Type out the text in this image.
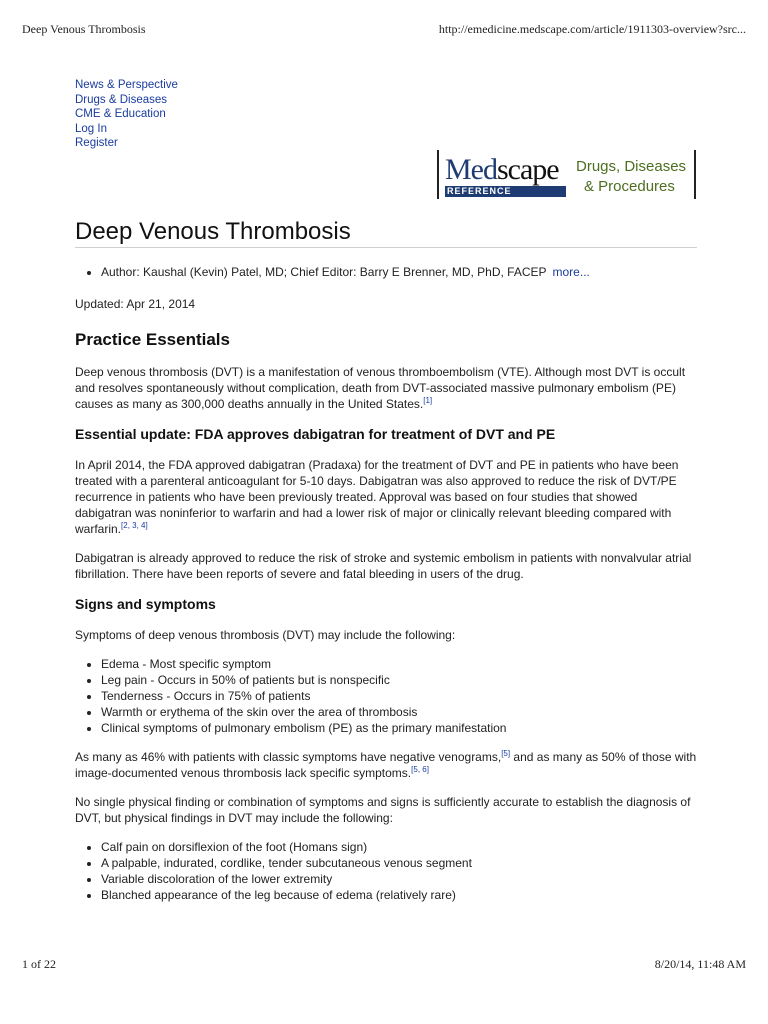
Deep Venous Thrombosis	http://emedicine.medscape.com/article/1911303-overview?src...
News & Perspective
Drugs & Diseases
CME & Education
Log In
Register
Medscape
REFERENCE
Drugs, Diseases
& Procedures
Deep Venous Thrombosis
• Author: Kaushal (Kevin) Patel, MD; Chief Editor: Barry E Brenner, MD, PhD, FACEP more...

Updated: Apr 21, 2014

Practice Essentials

Deep venous thrombosis (DVT) is a manifestation of venous thromboembolism (VTE). Although most DVT is occult and resolves spontaneously without complication, death from DVT-associated massive pulmonary embolism (PE) causes as many as 300,000 deaths annually in the United States.[1]

Essential update: FDA approves dabigatran for treatment of DVT and PE

In April 2014, the FDA approved dabigatran (Pradaxa) for the treatment of DVT and PE in patients who have been treated with a parenteral anticoagulant for 5-10 days. Dabigatran was also approved to reduce the risk of DVT/PE recurrence in patients who have been previously treated. Approval was based on four studies that showed dabigatran was noninferior to warfarin and had a lower risk of major or clinically relevant bleeding compared with warfarin.[2, 3, 4]

Dabigatran is already approved to reduce the risk of stroke and systemic embolism in patients with nonvalvular atrial fibrillation. There have been reports of severe and fatal bleeding in users of the drug.

Signs and symptoms

Symptoms of deep venous thrombosis (DVT) may include the following:

• Edema - Most specific symptom
• Leg pain - Occurs in 50% of patients but is nonspecific
• Tenderness - Occurs in 75% of patients
• Warmth or erythema of the skin over the area of thrombosis
• Clinical symptoms of pulmonary embolism (PE) as the primary manifestation

As many as 46% with patients with classic symptoms have negative venograms,[5] and as many as 50% of those with image-documented venous thrombosis lack specific symptoms.[5, 6]

No single physical finding or combination of symptoms and signs is sufficiently accurate to establish the diagnosis of DVT, but physical findings in DVT may include the following:

• Calf pain on dorsiflexion of the foot (Homans sign)
• A palpable, indurated, cordlike, tender subcutaneous venous segment
• Variable discoloration of the lower extremity
• Blanched appearance of the leg because of edema (relatively rare)
1 of 22	8/20/14, 11:48 AM
